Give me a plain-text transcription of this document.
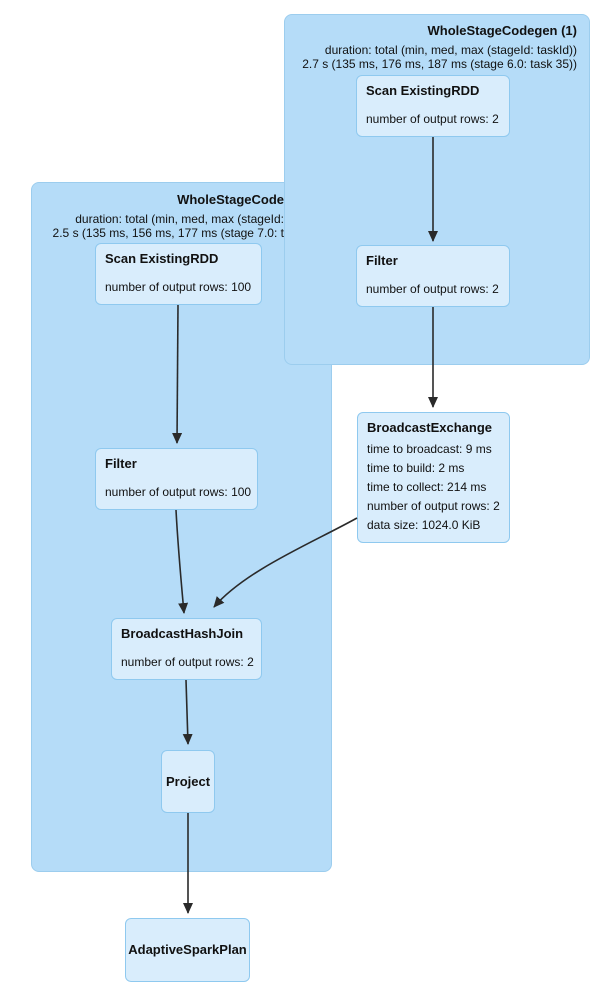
WholeStageCode
duration: total (min, med, max (stageId:
2.5 s (135 ms, 156 ms, 177 ms (stage 7.0: t
WholeStageCodegen (1)
duration: total (min, med, max (stageId: taskId))
2.7 s (135 ms, 176 ms, 187 ms (stage 6.0: task 35))
Scan ExistingRDD
number of output rows: 2
Filter
number of output rows: 2
BroadcastExchange
time to broadcast: 9 ms
time to build: 2 ms
time to collect: 214 ms
number of output rows: 2
data size: 1024.0 KiB
Scan ExistingRDD
number of output rows: 100
Filter
number of output rows: 100
BroadcastHashJoin
number of output rows: 2
Project
AdaptiveSparkPlan
